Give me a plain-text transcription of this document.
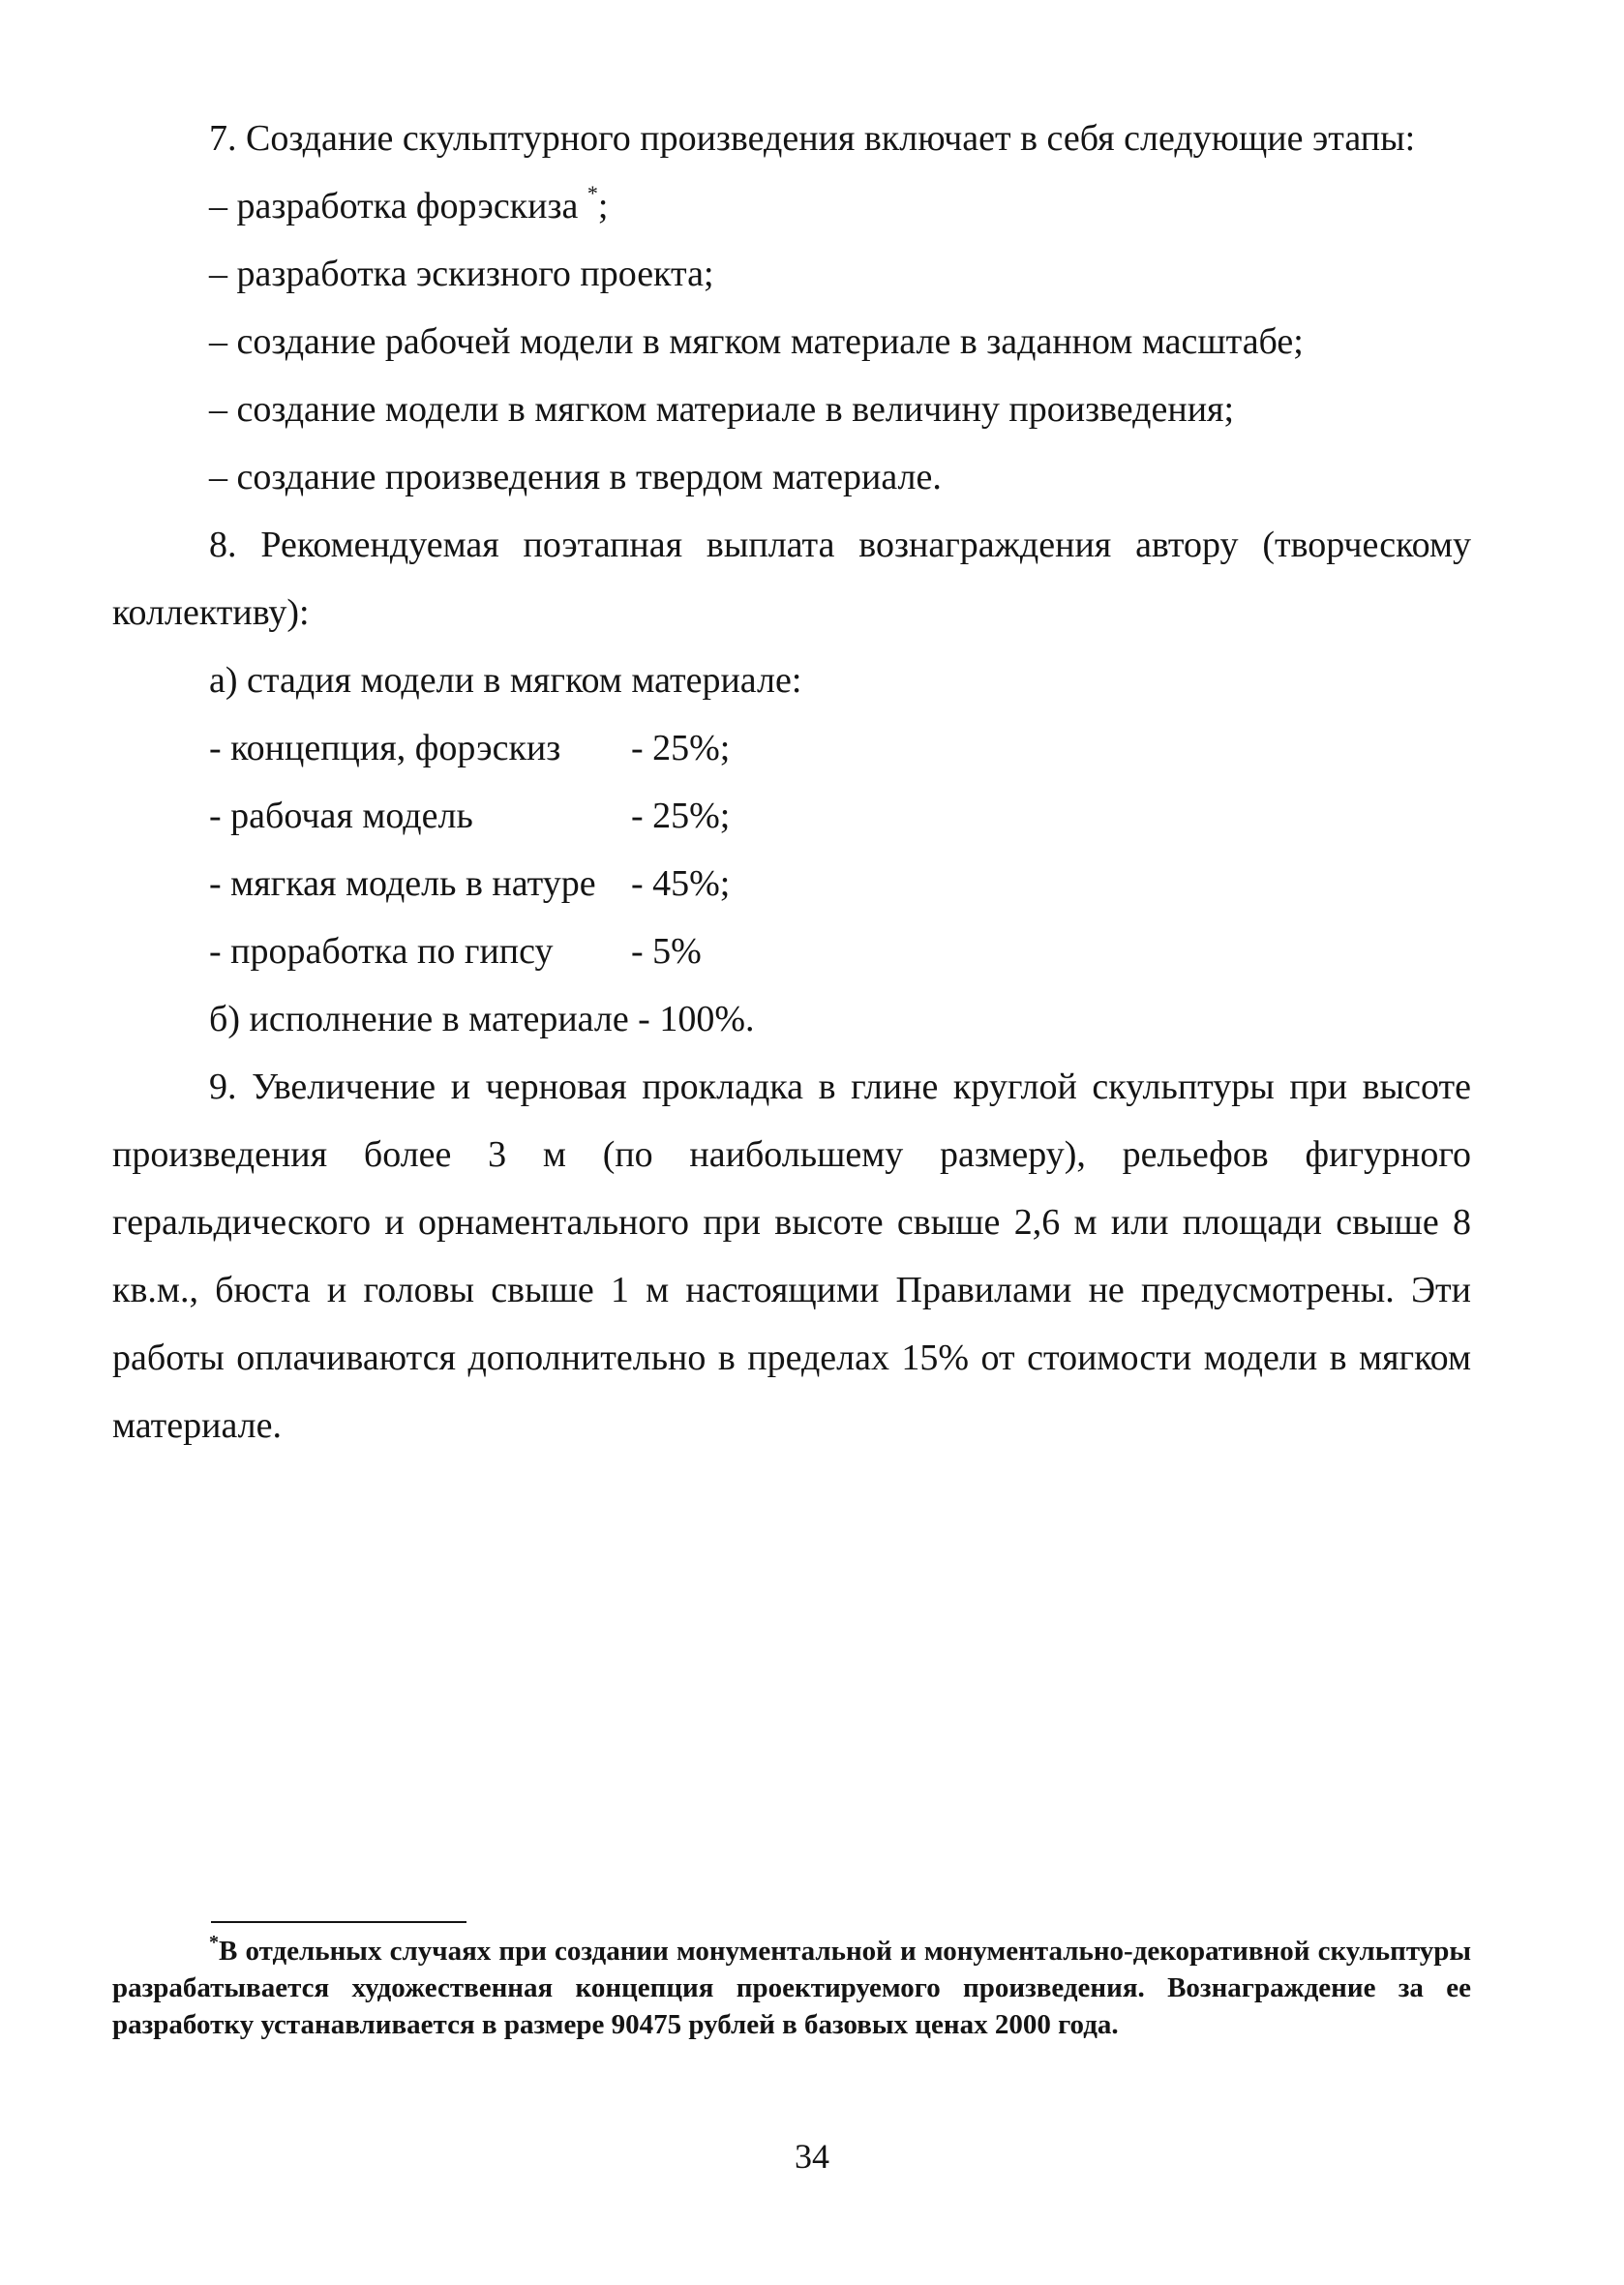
7. Создание скульптурного произведения включает в себя следующие этапы:

– разработка форэскиза *;
– разработка эскизного проекта;
– создание рабочей модели в мягком материале в заданном масштабе;
– создание модели в мягком материале в величину произведения;
– создание произведения в твердом материале.

8. Рекомендуемая поэтапная выплата вознаграждения автору (творческому коллективу):

а) стадия модели в мягком материале:
- концепция, форэскиз - 25%;
- рабочая модель	- 25%;
- мягкая модель в натуре - 45%;
- проработка по гипсу - 5%
б) исполнение в материале - 100%.

9. Увеличение и черновая прокладка в глине круглой скульптуры при высоте произведения более 3 м (по наибольшему размеру), рельефов фигурного геральдического и орнаментального при высоте свыше 2,6 м или площади свыше 8 кв.м., бюста и головы свыше 1 м настоящими Правилами не предусмотрены. Эти работы оплачиваются дополнительно в пределах 15% от стоимости модели в мягком материале.

*В отдельных случаях при создании монументальной и монументально-декоративной скульптуры разрабатывается художественная концепция проектируемого произведения. Вознаграждение за ее разработку устанавливается в размере 90475 рублей в базовых ценах 2000 года.
34
